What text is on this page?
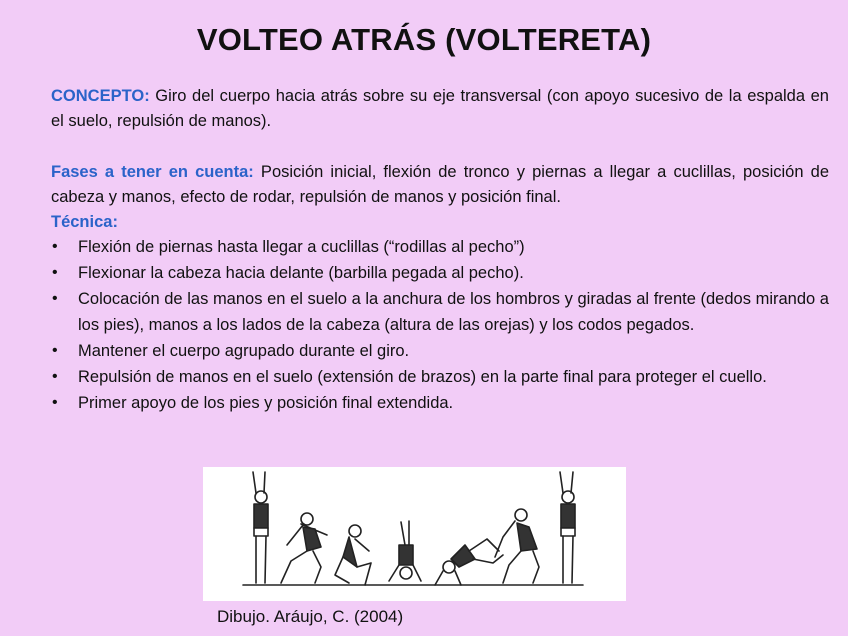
VOLTEO ATRÁS (VOLTERETA)
CONCEPTO: Giro del cuerpo hacia atrás sobre su eje transversal (con apoyo sucesivo de la espalda en el suelo, repulsión de manos).
Fases a tener en cuenta: Posición inicial, flexión de tronco y piernas a llegar a cuclillas, posición de cabeza y manos, efecto de rodar, repulsión de manos y posición final.
Técnica:
• Flexión de piernas hasta llegar a cuclillas (“rodillas al pecho”)
• Flexionar la cabeza hacia delante (barbilla pegada al pecho).
• Colocación de las manos en el suelo a la anchura de los hombros y giradas al frente (dedos mirando a los pies), manos a los lados de la cabeza (altura de las orejas) y los codos pegados.
• Mantener el cuerpo agrupado durante el giro.
• Repulsión de manos en el suelo (extensión de brazos) en la parte final para proteger el cuello.
• Primer apoyo de los pies y posición final extendida.
Dibujo. Aráujo, C. (2004)
